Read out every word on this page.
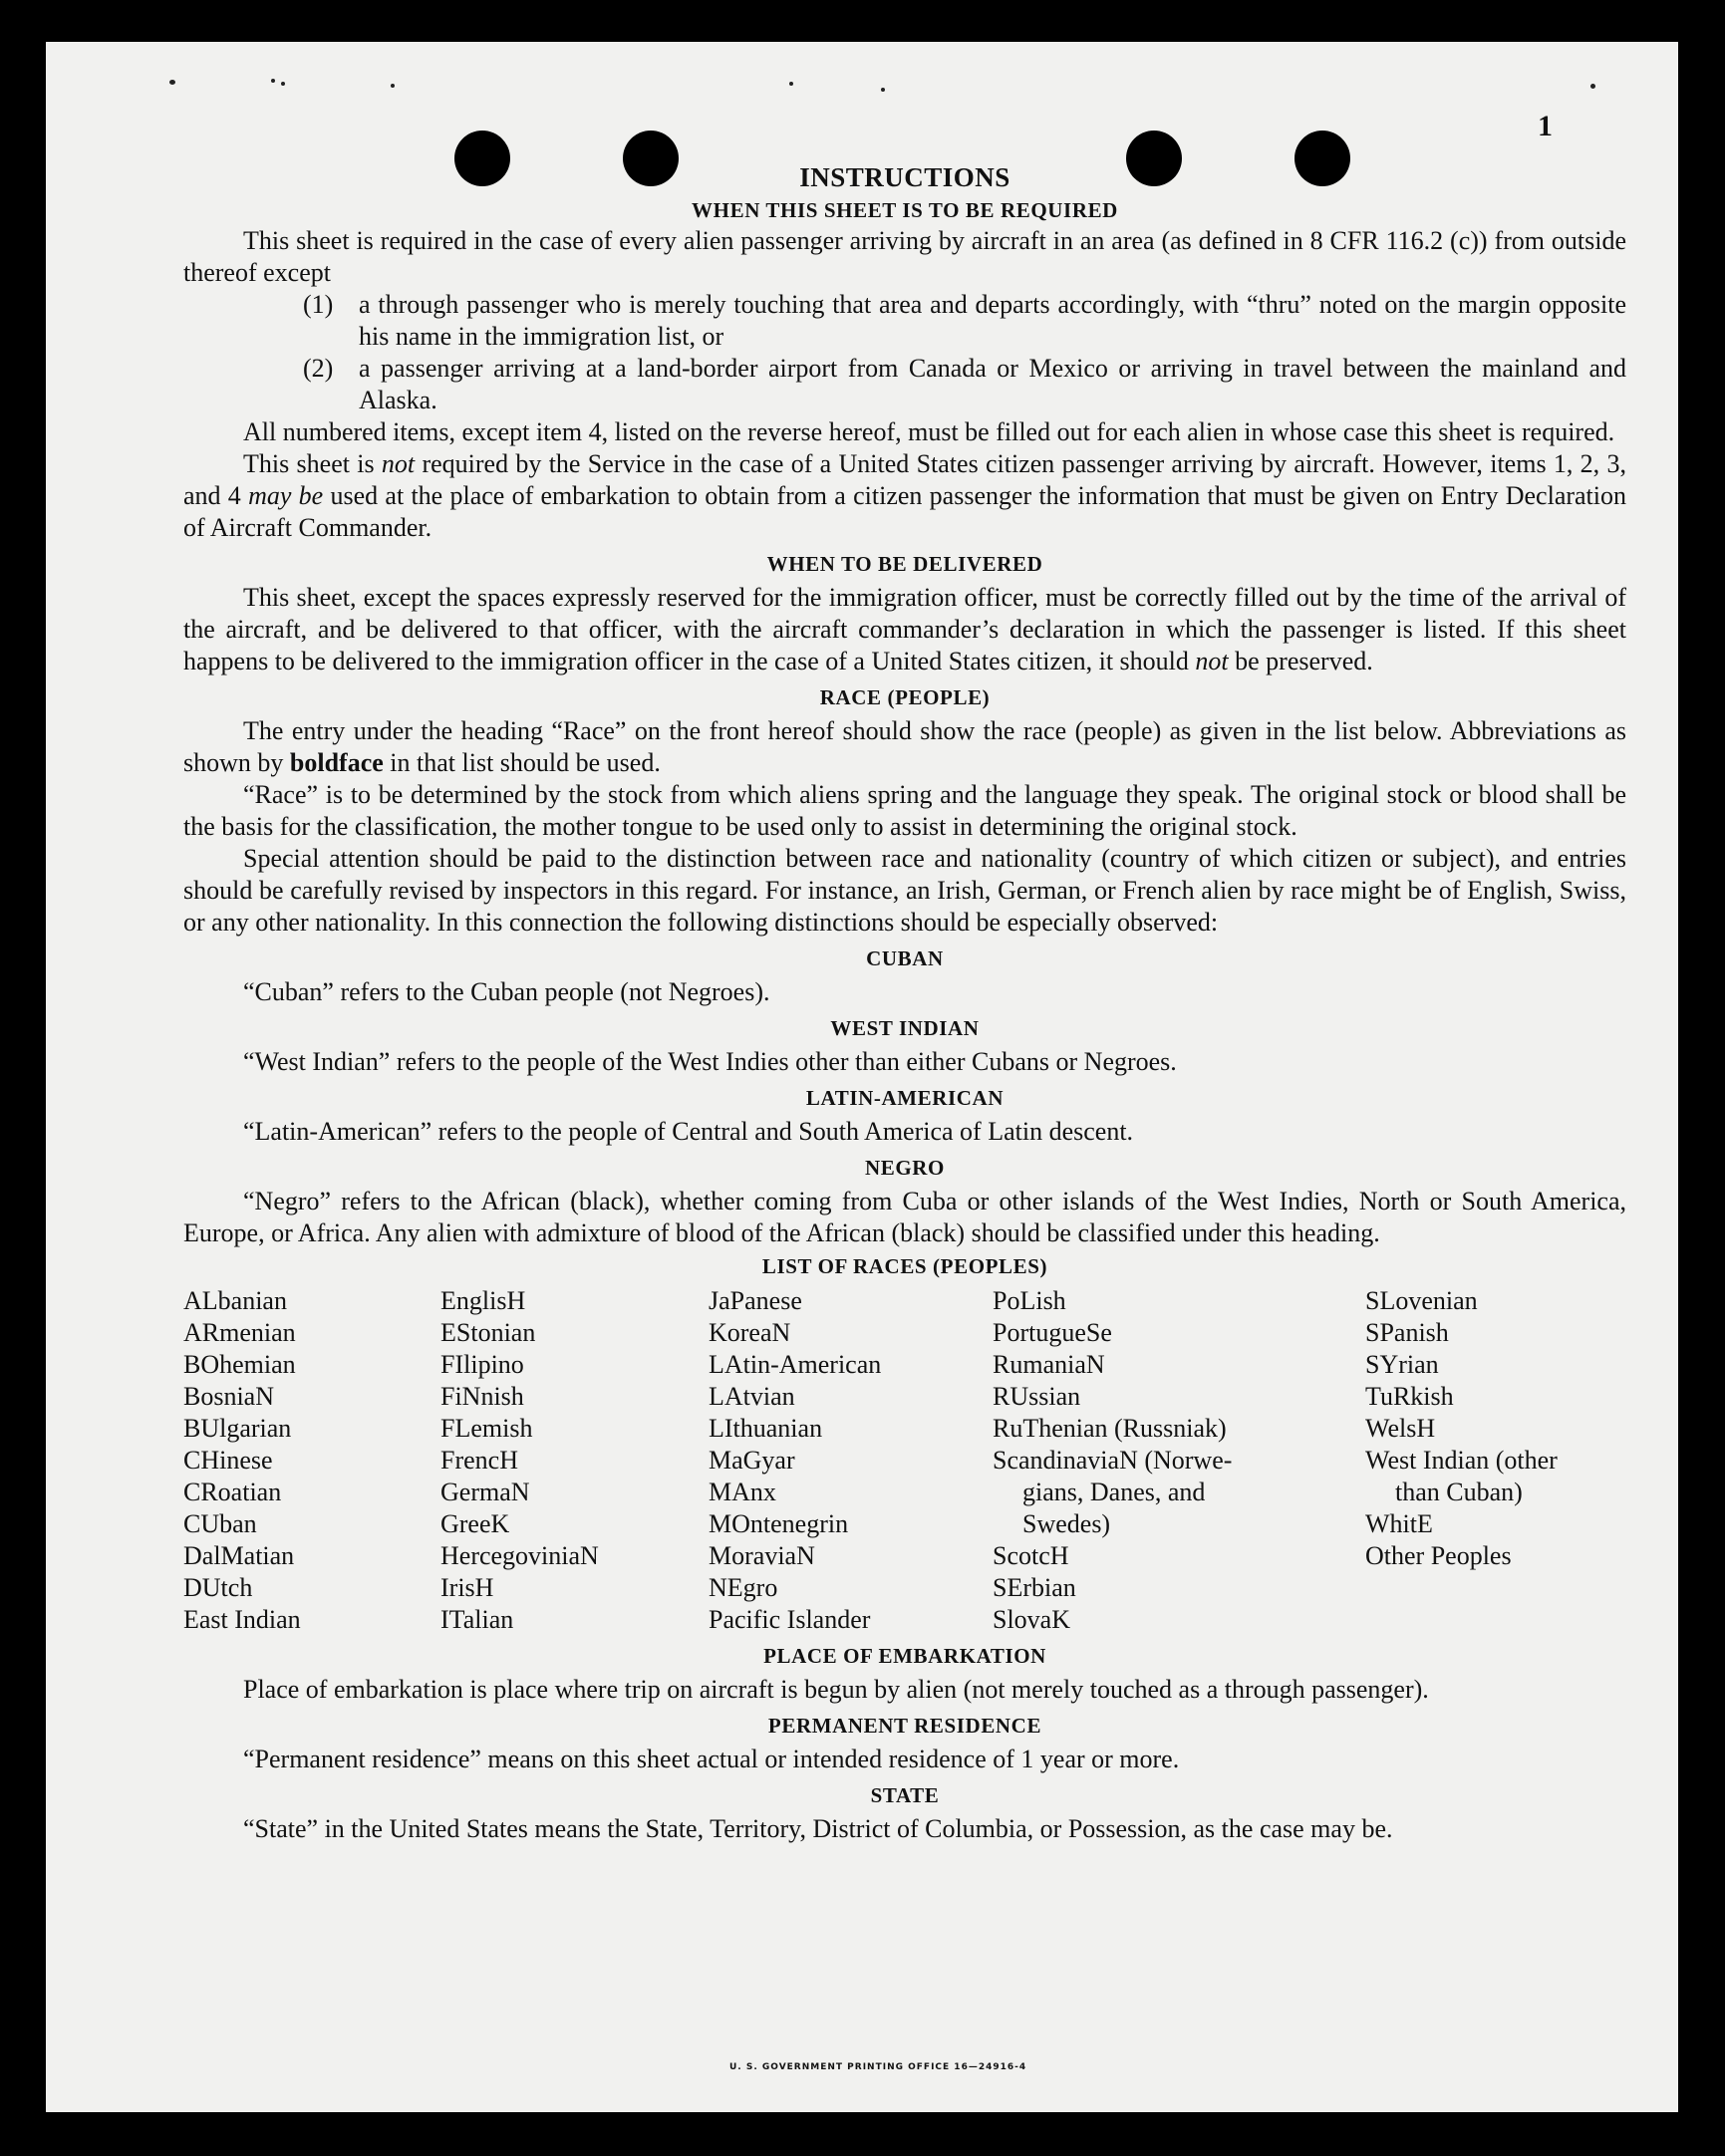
1
INSTRUCTIONS
WHEN THIS SHEET IS TO BE REQUIRED

This sheet is required in the case of every alien passenger arriving by aircraft in an area (as defined in 8 CFR 116.2 (c)) from outside thereof except

(1) a through passenger who is merely touching that area and departs accordingly, with “thru” noted on the margin opposite his name in the immigration list, or
(2) a passenger arriving at a land-border airport from Canada or Mexico or arriving in travel between the mainland and Alaska.

All numbered items, except item 4, listed on the reverse hereof, must be filled out for each alien in whose case this sheet is required.

This sheet is not required by the Service in the case of a United States citizen passenger arriving by aircraft. However, items 1, 2, 3, and 4 may be used at the place of embarkation to obtain from a citizen passenger the information that must be given on Entry Declaration of Aircraft Commander.

WHEN TO BE DELIVERED

This sheet, except the spaces expressly reserved for the immigration officer, must be correctly filled out by the time of the arrival of the aircraft, and be delivered to that officer, with the aircraft commander’s declaration in which the passenger is listed. If this sheet happens to be delivered to the immigration officer in the case of a United States citizen, it should not be preserved.

RACE (PEOPLE)

The entry under the heading “Race” on the front hereof should show the race (people) as given in the list below. Abbreviations as shown by boldface in that list should be used.

“Race” is to be determined by the stock from which aliens spring and the language they speak. The original stock or blood shall be the basis for the classification, the mother tongue to be used only to assist in determining the original stock.

Special attention should be paid to the distinction between race and nationality (country of which citizen or subject), and entries should be carefully revised by inspectors in this regard. For instance, an Irish, German, or French alien by race might be of English, Swiss, or any other nationality. In this connection the following distinctions should be especially observed:

CUBAN

“Cuban” refers to the Cuban people (not Negroes).

WEST INDIAN

“West Indian” refers to the people of the West Indies other than either Cubans or Negroes.

LATIN-AMERICAN

“Latin-American” refers to the people of Central and South America of Latin descent.

NEGRO

“Negro” refers to the African (black), whether coming from Cuba or other islands of the West Indies, North or South America, Europe, or Africa. Any alien with admixture of blood of the African (black) should be classified under this heading.

LIST OF RACES (PEOPLES)
ALbanian
ARmenian
BOhemian
BosniaN
BUlgarian
CHinese
CRoatian
CUban
DalMatian
DUtch
East Indian
EnglisH
EStonian
FIlipino
FiNnish
FLemish
FrencH
GermaN
GreeK
HercegoviniaN
IrisH
ITalian
JaPanese
KoreaN
LAtin-American
LAtvian
LIthuanian
MaGyar
MAnx
MOntenegrin
MoraviaN
NEgro
Pacific Islander
PoLish
PortugueSe
RumaniaN
RUssian
RuThenian (Russniak)
ScandinaviaN (Norwe-
gians, Danes, and
Swedes)
ScotcH
SErbian
SlovaK
SLovenian
SPanish
SYrian
TuRkish
WelsH
West Indian (other
than Cuban)
WhitE
Other Peoples
PLACE OF EMBARKATION

Place of embarkation is place where trip on aircraft is begun by alien (not merely touched as a through passenger).

PERMANENT RESIDENCE

“Permanent residence” means on this sheet actual or intended residence of 1 year or more.

STATE

“State” in the United States means the State, Territory, District of Columbia, or Possession, as the case may be.

U. S. GOVERNMENT PRINTING OFFICE 16—24916-4
